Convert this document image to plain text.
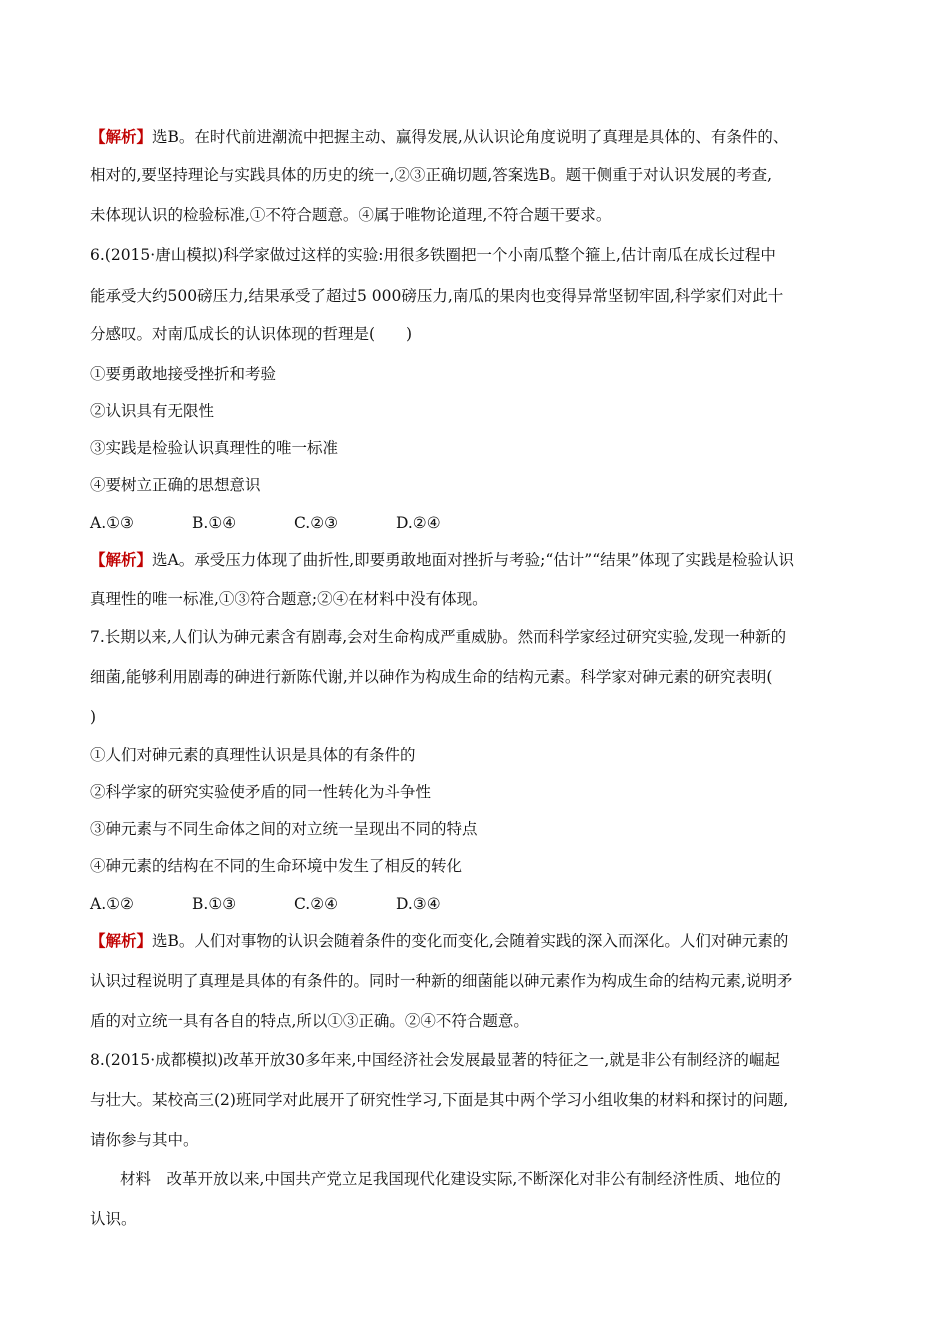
【解析】选B。在时代前进潮流中把握主动、赢得发展,从认识论角度说明了真理是具体的、有条件的、
相对的,要坚持理论与实践具体的历史的统一,②③正确切题,答案选B。题干侧重于对认识发展的考查,
未体现认识的检验标准,①不符合题意。④属于唯物论道理,不符合题干要求。
6.(2015·唐山模拟)科学家做过这样的实验:用很多铁圈把一个小南瓜整个箍上,估计南瓜在成长过程中
能承受大约500磅压力,结果承受了超过5 000磅压力,南瓜的果肉也变得异常坚韧牢固,科学家们对此十
分感叹。对南瓜成长的认识体现的哲理是(　　)
①要勇敢地接受挫折和考验
②认识具有无限性
③实践是检验认识真理性的唯一标准
④要树立正确的思想意识
A.①③	B.①④	C.②③	D.②④
【解析】选A。承受压力体现了曲折性,即要勇敢地面对挫折与考验;“估计”“结果”体现了实践是检验认识
真理性的唯一标准,①③符合题意;②④在材料中没有体现。
7.长期以来,人们认为砷元素含有剧毒,会对生命构成严重威胁。然而科学家经过研究实验,发现一种新的
细菌,能够利用剧毒的砷进行新陈代谢,并以砷作为构成生命的结构元素。科学家对砷元素的研究表明(
)
①人们对砷元素的真理性认识是具体的有条件的
②科学家的研究实验使矛盾的同一性转化为斗争性
③砷元素与不同生命体之间的对立统一呈现出不同的特点
④砷元素的结构在不同的生命环境中发生了相反的转化
A.①②	B.①③	C.②④	D.③④
【解析】选B。人们对事物的认识会随着条件的变化而变化,会随着实践的深入而深化。人们对砷元素的
认识过程说明了真理是具体的有条件的。同时一种新的细菌能以砷元素作为构成生命的结构元素,说明矛
盾的对立统一具有各自的特点,所以①③正确。②④不符合题意。
8.(2015·成都模拟)改革开放30多年来,中国经济社会发展最显著的特征之一,就是非公有制经济的崛起
与壮大。某校高三(2)班同学对此展开了研究性学习,下面是其中两个学习小组收集的材料和探讨的问题,
请你参与其中。
材料　改革开放以来,中国共产党立足我国现代化建设实际,不断深化对非公有制经济性质、地位的
认识。
